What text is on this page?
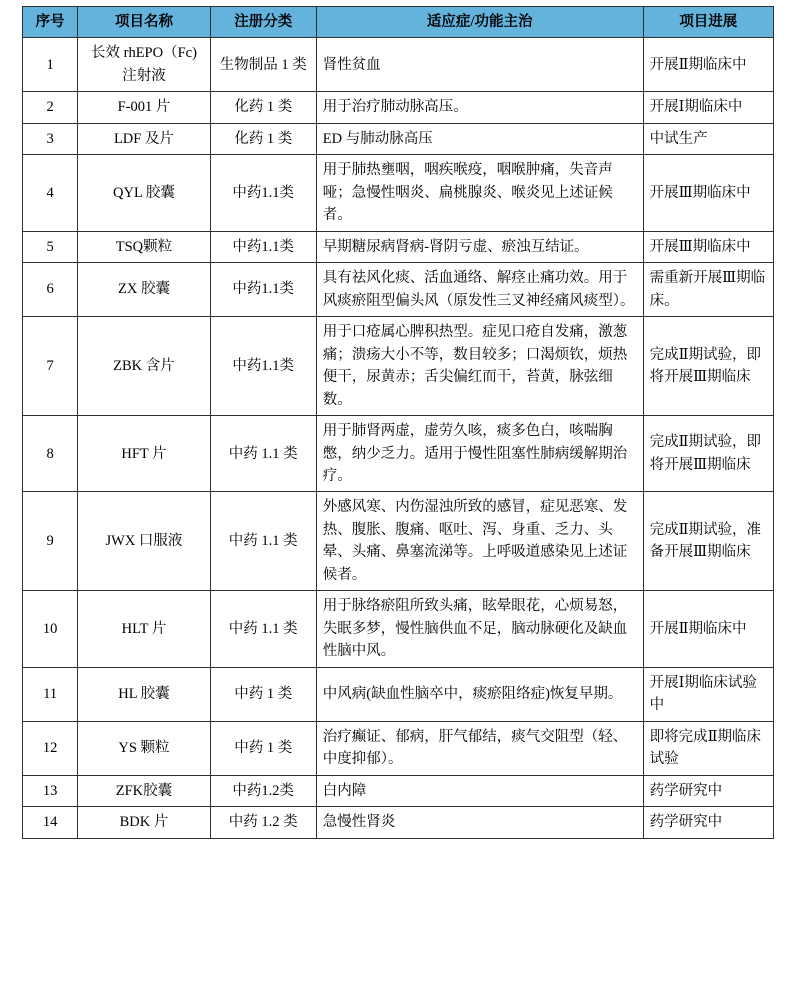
序号	项目名称	注册分类	适应症/功能主治	项目进展
1	长效 rhEPO（Fc)注射液	生物制品 1 类	肾性贫血	开展Ⅱ期临床中
2	F-001 片	化药 1 类	用于治疗肺动脉高压。	开展Ⅰ期临床中
3	LDF 及片	化药 1 类	ED 与肺动脉高压	中试生产
4	QYL 胶囊	中药1.1类	用于肺热壅咽，咽疾喉疫，咽喉肿痛，失音声哑；急慢性咽炎、扁桃腺炎、喉炎见上述证候者。	开展Ⅲ期临床中
5	TSQ颗粒	中药1.1类	早期糖尿病肾病-肾阴亏虚、瘀浊互结证。	开展Ⅲ期临床中
6	ZX 胶囊	中药1.1类	具有祛风化痰、活血通络、解痉止痛功效。用于风痰瘀阻型偏头风（原发性三叉神经痛风痰型）。	需重新开展Ⅲ期临床。
7	ZBK 含片	中药1.1类	用于口疮属心脾积热型。症见口疮自发痛，激葱痛；溃疡大小不等，数目较多；口渴烦钦，烦热便干，尿黄赤；舌尖偏红而干，苔黄，脉弦细数。	完成Ⅱ期试验，即将开展Ⅲ期临床
8	HFT 片	中药 1.1 类	用于肺肾两虚，虚劳久咳，痰多色白，咳喘胸憋，纳少乏力。适用于慢性阻塞性肺病缓解期治疗。	完成Ⅱ期试验，即将开展Ⅲ期临床
9	JWX 口服液	中药 1.1 类	外感风寒、内伤湿浊所致的感冒，症见恶寒、发热、腹胀、腹痛、呕吐、泻、身重、乏力、头晕、头痛、鼻塞流涕等。上呼吸道感染见上述证候者。	完成Ⅱ期试验，准备开展Ⅲ期临床
10	HLT 片	中药 1.1 类	用于脉络瘀阻所致头痛，眩晕眼花，心烦易怒，失眠多梦，慢性脑供血不足，脑动脉硬化及缺血性脑中风。	开展Ⅱ期临床中
11	HL 胶囊	中药 1 类	中风病(缺血性脑卒中，痰瘀阻络症)恢复早期。	开展Ⅰ期临床试验中
12	YS 颗粒	中药 1 类	治疗癫证、郁病，肝气郁结，痰气交阻型（轻、中度抑郁）。	即将完成Ⅱ期临床试验
13	ZFK胶囊	中药1.2类	白内障	药学研究中
14	BDK 片	中药 1.2 类	急慢性肾炎	药学研究中
